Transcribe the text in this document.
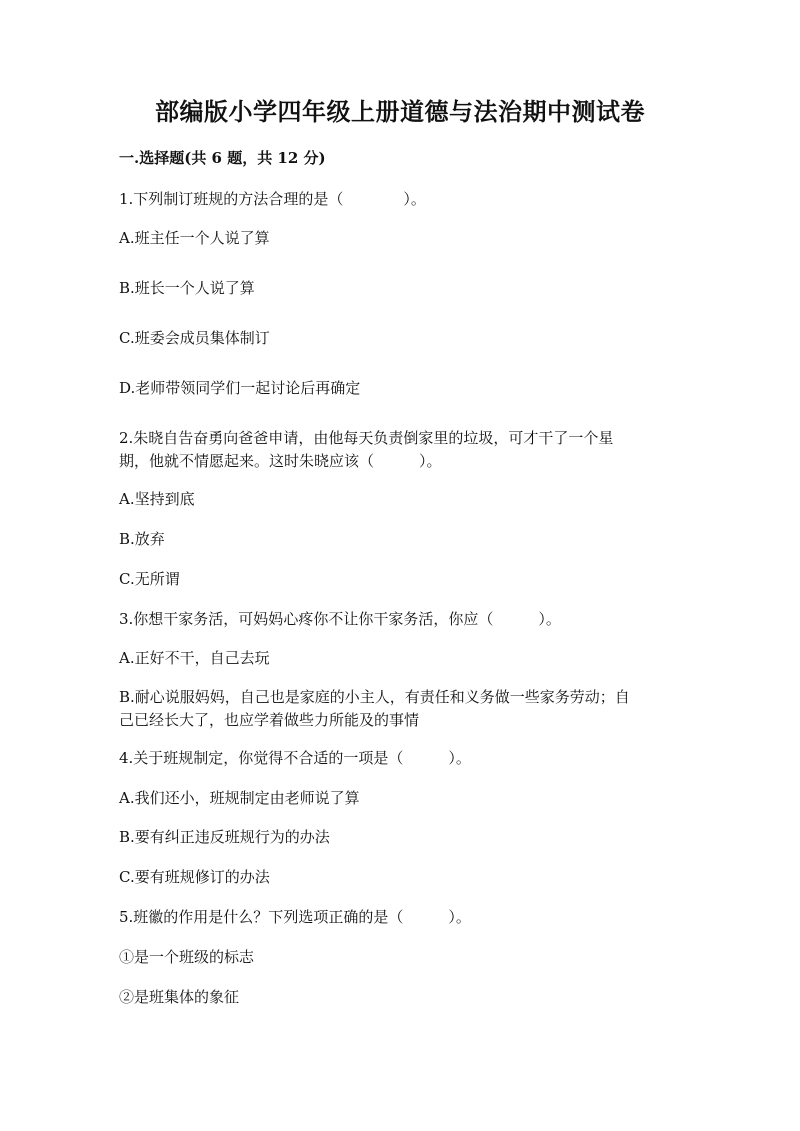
部编版小学四年级上册道德与法治期中测试卷
一.选择题(共 6 题，共 12 分)
1.下列制订班规的方法合理的是（　　　　）。
A.班主任一个人说了算
B.班长一个人说了算
C.班委会成员集体制订
D.老师带领同学们一起讨论后再确定
2.朱晓自告奋勇向爸爸申请，由他每天负责倒家里的垃圾，可才干了一个星
期，他就不情愿起来。这时朱晓应该（　　　）。
A.坚持到底
B.放弃
C.无所谓
3.你想干家务活，可妈妈心疼你不让你干家务活，你应（　　　）。
A.正好不干，自己去玩
B.耐心说服妈妈，自己也是家庭的小主人，有责任和义务做一些家务劳动；自
己已经长大了，也应学着做些力所能及的事情
4.关于班规制定，你觉得不合适的一项是（　　　）。
A.我们还小，班规制定由老师说了算
B.要有纠正违反班规行为的办法
C.要有班规修订的办法
5.班徽的作用是什么？下列选项正确的是（　　　）。
①是一个班级的标志
②是班集体的象征
